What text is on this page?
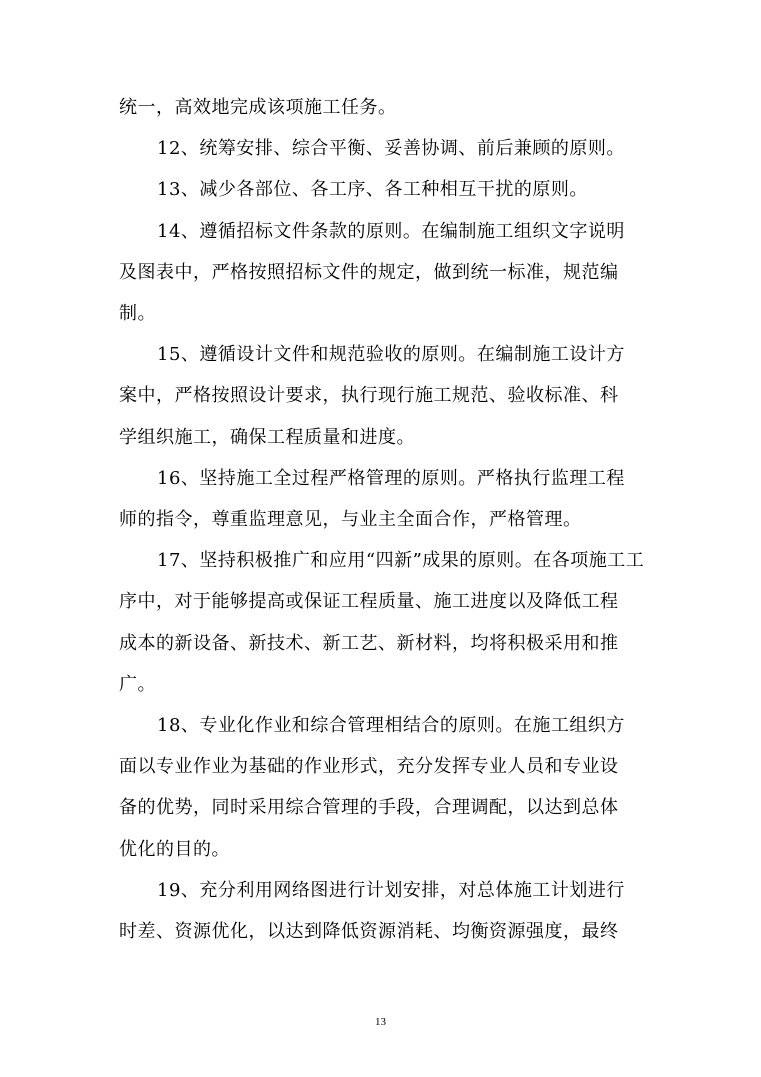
统一，高效地完成该项施工任务。

12、统筹安排、综合平衡、妥善协调、前后兼顾的原则。

13、减少各部位、各工序、各工种相互干扰的原则。

14、遵循招标文件条款的原则。在编制施工组织文字说明
及图表中，严格按照招标文件的规定，做到统一标准，规范编
制。

15、遵循设计文件和规范验收的原则。在编制施工设计方
案中，严格按照设计要求，执行现行施工规范、验收标准、科
学组织施工，确保工程质量和进度。

16、坚持施工全过程严格管理的原则。严格执行监理工程
师的指令，尊重监理意见，与业主全面合作，严格管理。

17、坚持积极推广和应用“四新”成果的原则。在各项施工工
序中，对于能够提高或保证工程质量、施工进度以及降低工程
成本的新设备、新技术、新工艺、新材料，均将积极采用和推
广。

18、专业化作业和综合管理相结合的原则。在施工组织方
面以专业作业为基础的作业形式，充分发挥专业人员和专业设
备的优势，同时采用综合管理的手段，合理调配，以达到总体
优化的目的。

19、充分利用网络图进行计划安排，对总体施工计划进行
时差、资源优化，以达到降低资源消耗、均衡资源强度，最终

13
